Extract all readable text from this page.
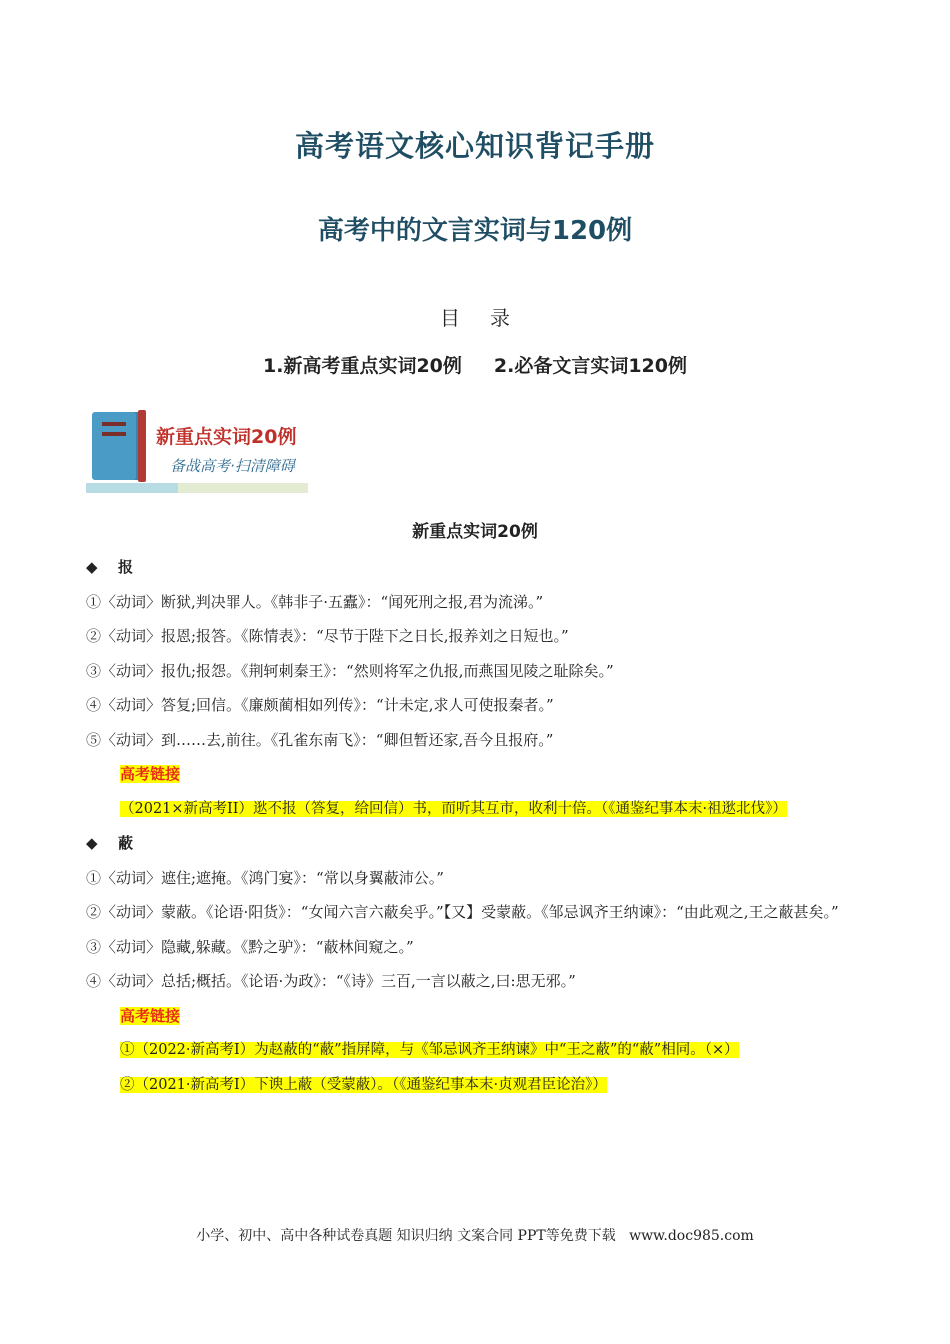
高考语文核心知识背记手册
高考中的文言实词与120例
目录
1.新高考重点实词20例 2.必备文言实词120例
新重点实词20例
备战高考·扫清障碍
新重点实词20例
◆ 报
①〈动词〉断狱,判决罪人。《韩非子·五蠹》：“闻死刑之报,君为流涕。”
②〈动词〉报恩;报答。《陈情表》：“尽节于陛下之日长,报养刘之日短也。”
③〈动词〉报仇;报怨。《荆轲刺秦王》：“然则将军之仇报,而燕国见陵之耻除矣。”
④〈动词〉答复;回信。《廉颇蔺相如列传》：“计未定,求人可使报秦者。”
⑤〈动词〉到……去,前往。《孔雀东南飞》：“卿但暂还家,吾今且报府。”
高考链接
（2021×新高考II）逖不报（答复，给回信）书，而听其互市，收利十倍。（《通鉴纪事本末·祖逖北伐》）
◆ 蔽
①〈动词〉遮住;遮掩。《鸿门宴》：“常以身翼蔽沛公。”
②〈动词〉蒙蔽。《论语·阳货》：“女闻六言六蔽矣乎。”【又】受蒙蔽。《邹忌讽齐王纳谏》：“由此观之,王之蔽甚矣。”
③〈动词〉隐藏,躲藏。《黔之驴》：“蔽林间窥之。”
④〈动词〉总括;概括。《论语·为政》：“《诗》三百,一言以蔽之,曰:思无邪。”
高考链接
①（2022·新高考I）为赵蔽的“蔽”指屏障，与《邹忌讽齐王纳谏》中“王之蔽”的“蔽”相同。（×）
②（2021·新高考I）下谀上蔽（受蒙蔽）。（《通鉴纪事本末·贞观君臣论治》）
小学、初中、高中各种试卷真题 知识归纳 文案合同 PPT等免费下载 www.doc985.com
